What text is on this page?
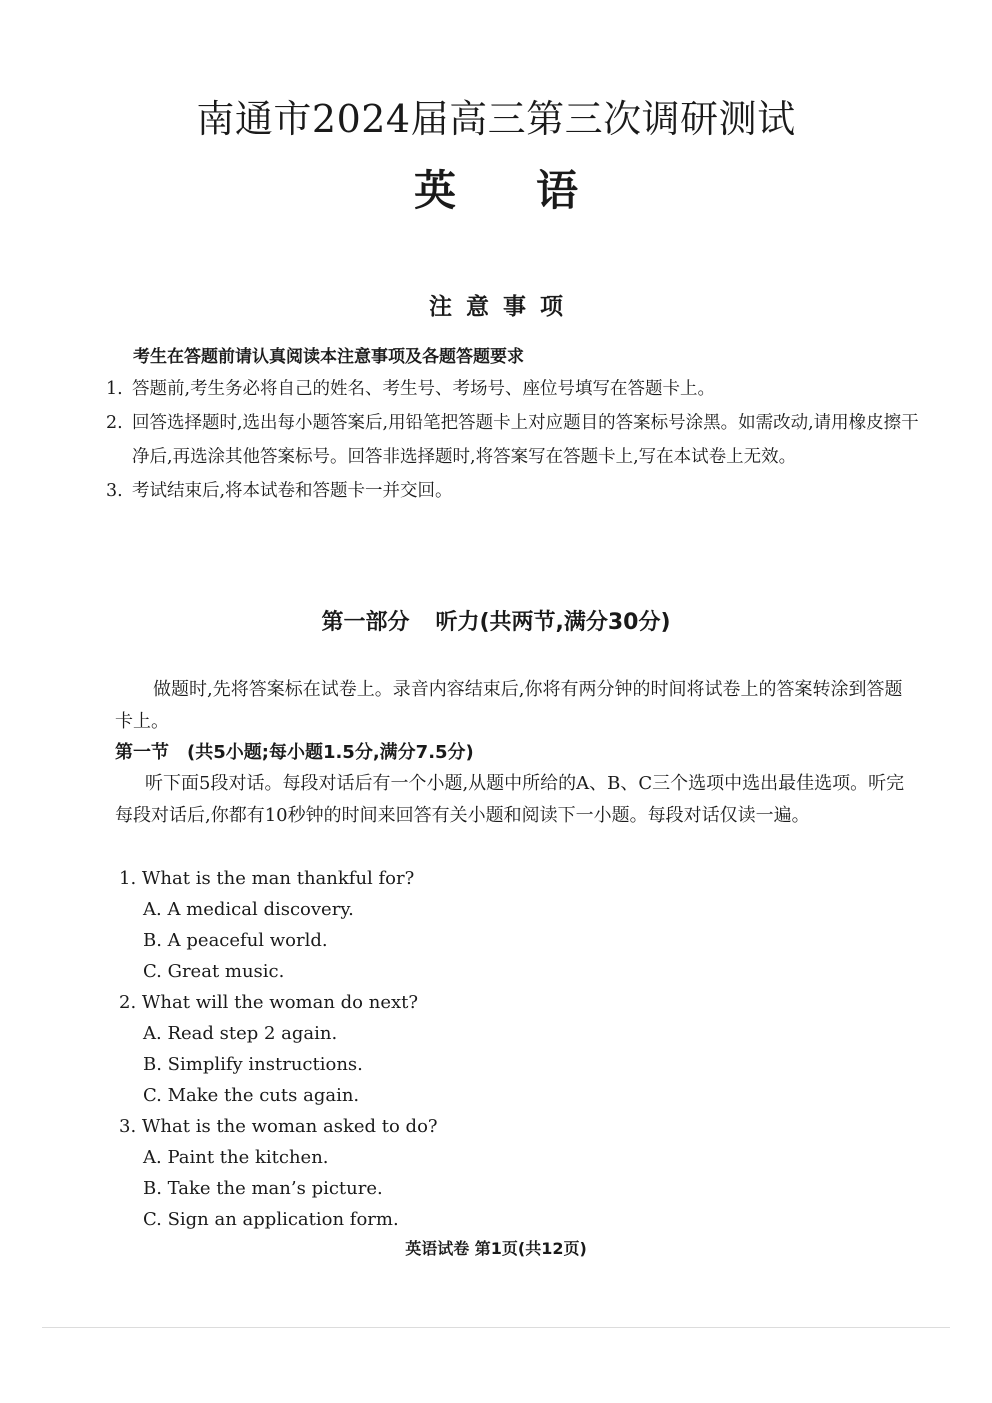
南通市2024届高三第三次调研测试
英语
注意事项
考生在答题前请认真阅读本注意事项及各题答题要求
1. 答题前,考生务必将自己的姓名、考生号、考场号、座位号填写在答题卡上。
2. 回答选择题时,选出每小题答案后,用铅笔把答题卡上对应题目的答案标号涂黑。如需改动,请用橡皮擦干净后,再选涂其他答案标号。回答非选择题时,将答案写在答题卡上,写在本试卷上无效。
3. 考试结束后,将本试卷和答题卡一并交回。
第一部分 听力(共两节,满分30分)

做题时,先将答案标在试卷上。录音内容结束后,你将有两分钟的时间将试卷上的答案转涂到答题卡上。

第一节 (共5小题;每小题1.5分,满分7.5分)

听下面5段对话。每段对话后有一个小题,从题中所给的A、B、C三个选项中选出最佳选项。听完每段对话后,你都有10秒钟的时间来回答有关小题和阅读下一小题。每段对话仅读一遍。

1. What is the man thankful for?
A. A medical discovery.
B. A peaceful world.
C. Great music.
2. What will the woman do next?
A. Read step 2 again.
B. Simplify instructions.
C. Make the cuts again.
3. What is the woman asked to do?
A. Paint the kitchen.
B. Take the man’s picture.
C. Sign an application form.
英语试卷 第1页(共12页)
